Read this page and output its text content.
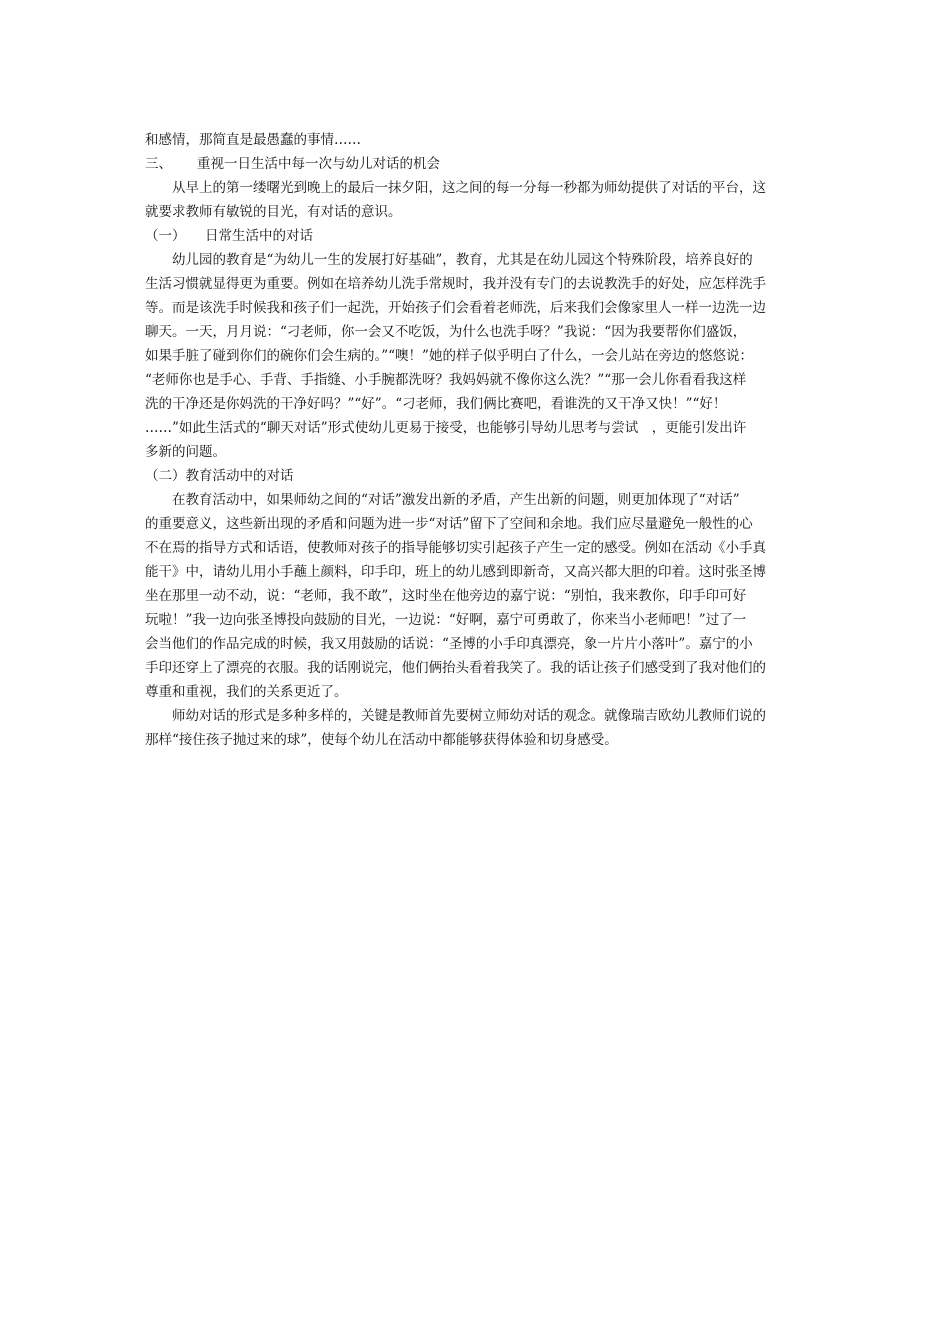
和感情，那简直是最愚蠢的事情……
三、 重视一日生活中每一次与幼儿对话的机会
从早上的第一缕曙光到晚上的最后一抹夕阳，这之间的每一分每一秒都为师幼提供了对话的平台，这
就要求教师有敏锐的目光，有对话的意识。
（一） 日常生活中的对话
幼儿园的教育是“为幼儿一生的发展打好基础”，教育，尤其是在幼儿园这个特殊阶段，培养良好的
生活习惯就显得更为重要。例如在培养幼儿洗手常规时，我并没有专门的去说教洗手的好处，应怎样洗手
等。而是该洗手时候我和孩子们一起洗，开始孩子们会看着老师洗，后来我们会像家里人一样一边洗一边
聊天。一天，月月说：“刁老师，你一会又不吃饭，为什么也洗手呀？”我说：“因为我要帮你们盛饭，
如果手脏了碰到你们的碗你们会生病的。”“噢！”她的样子似乎明白了什么，一会儿站在旁边的悠悠说：
“老师你也是手心、手背、手指缝、小手腕都洗呀？我妈妈就不像你这么洗？”“那一会儿你看看我这样
洗的干净还是你妈洗的干净好吗？”“好”。“刁老师，我们俩比赛吧，看谁洗的又干净又快！”“好！
……”如此生活式的“聊天对话”形式使幼儿更易于接受，也能够引导幼儿思考与尝试　，更能引发出许
多新的问题。
（二）教育活动中的对话
在教育活动中，如果师幼之间的“对话”激发出新的矛盾，产生出新的问题，则更加体现了“对话”
的重要意义，这些新出现的矛盾和问题为进一步“对话”留下了空间和余地。我们应尽量避免一般性的心
不在焉的指导方式和话语，使教师对孩子的指导能够切实引起孩子产生一定的感受。例如在活动《小手真
能干》中，请幼儿用小手蘸上颜料，印手印，班上的幼儿感到即新奇，又高兴都大胆的印着。这时张圣博
坐在那里一动不动，说：“老师，我不敢”，这时坐在他旁边的嘉宁说：“别怕，我来教你，印手印可好
玩啦！”我一边向张圣博投向鼓励的目光，一边说：“好啊，嘉宁可勇敢了，你来当小老师吧！”过了一
会当他们的作品完成的时候，我又用鼓励的话说：“圣博的小手印真漂亮，象一片片小落叶”。嘉宁的小
手印还穿上了漂亮的衣服。我的话刚说完，他们俩抬头看着我笑了。我的话让孩子们感受到了我对他们的
尊重和重视，我们的关系更近了。
师幼对话的形式是多种多样的，关键是教师首先要树立师幼对话的观念。就像瑞吉欧幼儿教师们说的
那样“接住孩子抛过来的球”，使每个幼儿在活动中都能够获得体验和切身感受。
